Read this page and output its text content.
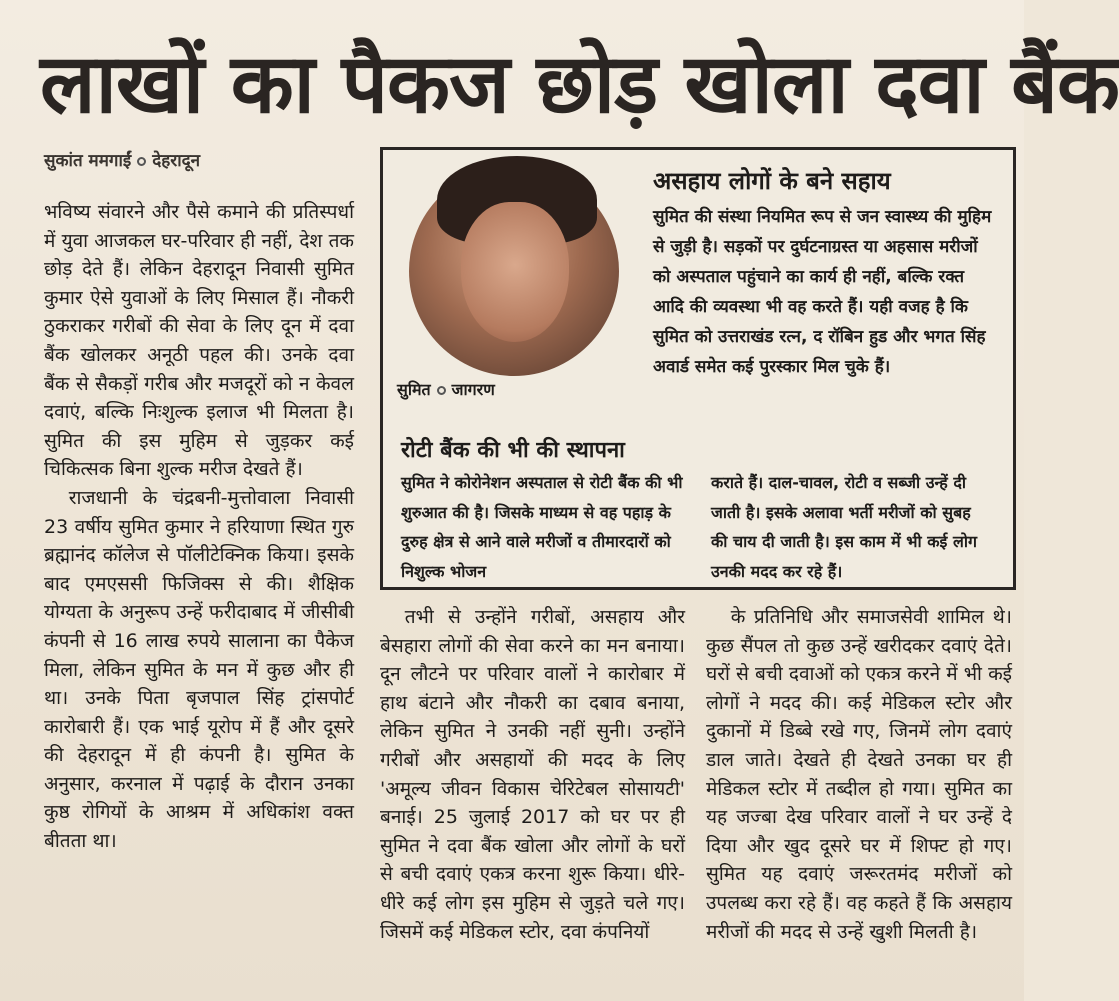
लाखों का पैकज छोड़ खोला दवा बैंक
सुकांत ममगाईं देहरादून

भविष्य संवारने और पैसे कमाने की प्रतिस्पर्धा में युवा आजकल घर-परिवार ही नहीं, देश तक छोड़ देते हैं। लेकिन देहरादून निवासी सुमित कुमार ऐसे युवाओं के लिए मिसाल हैं। नौकरी ठुकराकर गरीबों की सेवा के लिए दून में दवा बैंक खोलकर अनूठी पहल की। उनके दवा बैंक से सैकड़ों गरीब और मजदूरों को न केवल दवाएं, बल्कि निःशुल्क इलाज भी मिलता है। सुमित की इस मुहिम से जुड़कर कई चिकित्सक बिना शुल्क मरीज देखते हैं।

राजधानी के चंद्रबनी-मुत्तोवाला निवासी 23 वर्षीय सुमित कुमार ने हरियाणा स्थित गुरु ब्रह्मानंद कॉलेज से पॉलीटेक्निक किया। इसके बाद एमएससी फिजिक्स से की। शैक्षिक योग्यता के अनुरूप उन्हें फरीदाबाद में जीसीबी कंपनी से 16 लाख रुपये सालाना का पैकेज मिला, लेकिन सुमित के मन में कुछ और ही था। उनके पिता बृजपाल सिंह ट्रांसपोर्ट कारोबारी हैं। एक भाई यूरोप में हैं और दूसरे की देहरादून में ही कंपनी है। सुमित के अनुसार, करनाल में पढ़ाई के दौरान उनका कुष्ठ रोगियों के आश्रम में अधिकांश वक्त बीतता था।

सुमित जागरण
असहाय लोगों के बने सहाय
सुमित की संस्था नियमित रूप से जन स्वास्थ्य की मुहिम से जुड़ी है। सड़कों पर दुर्घटनाग्रस्त या अहसास मरीजों को अस्पताल पहुंचाने का कार्य ही नहीं, बल्कि रक्त आदि की व्यवस्था भी वह करते हैं। यही वजह है कि सुमित को उत्तराखंड रत्न, द रॉबिन हुड और भगत सिंह अवार्ड समेत कई पुरस्कार मिल चुके हैं।
रोटी बैंक की भी की स्थापना
सुमित ने कोरोनेशन अस्पताल से रोटी बैंक की भी शुरुआत की है। जिसके माध्यम से वह पहाड़ के दुरुह क्षेत्र से आने वाले मरीजों व तीमारदारों को निशुल्क भोजन
कराते हैं। दाल-चावल, रोटी व सब्जी उन्हें दी जाती है। इसके अलावा भर्ती मरीजों को सुबह की चाय दी जाती है। इस काम में भी कई लोग उनकी मदद कर रहे हैं।
तभी से उन्होंने गरीबों, असहाय और बेसहारा लोगों की सेवा करने का मन बनाया। दून लौटने पर परिवार वालों ने कारोबार में हाथ बंटाने और नौकरी का दबाव बनाया, लेकिन सुमित ने उनकी नहीं सुनी। उन्होंने गरीबों और असहायों की मदद के लिए 'अमूल्य जीवन विकास चेरिटेबल सोसायटी' बनाई। 25 जुलाई 2017 को घर पर ही सुमित ने दवा बैंक खोला और लोगों के घरों से बची दवाएं एकत्र करना शुरू किया। धीरे-धीरे कई लोग इस मुहिम से जुड़ते चले गए। जिसमें कई मेडिकल स्टोर, दवा कंपनियों
के प्रतिनिधि और समाजसेवी शामिल थे। कुछ सैंपल तो कुछ उन्हें खरीदकर दवाएं देते। घरों से बची दवाओं को एकत्र करने में भी कई लोगों ने मदद की। कई मेडिकल स्टोर और दुकानों में डिब्बे रखे गए, जिनमें लोग दवाएं डाल जाते। देखते ही देखते उनका घर ही मेडिकल स्टोर में तब्दील हो गया। सुमित का यह जज्बा देख परिवार वालों ने घर उन्हें दे दिया और खुद दूसरे घर में शिफ्ट हो गए। सुमित यह दवाएं जरूरतमंद मरीजों को उपलब्ध करा रहे हैं। वह कहते हैं कि असहाय मरीजों की मदद से उन्हें खुशी मिलती है।
